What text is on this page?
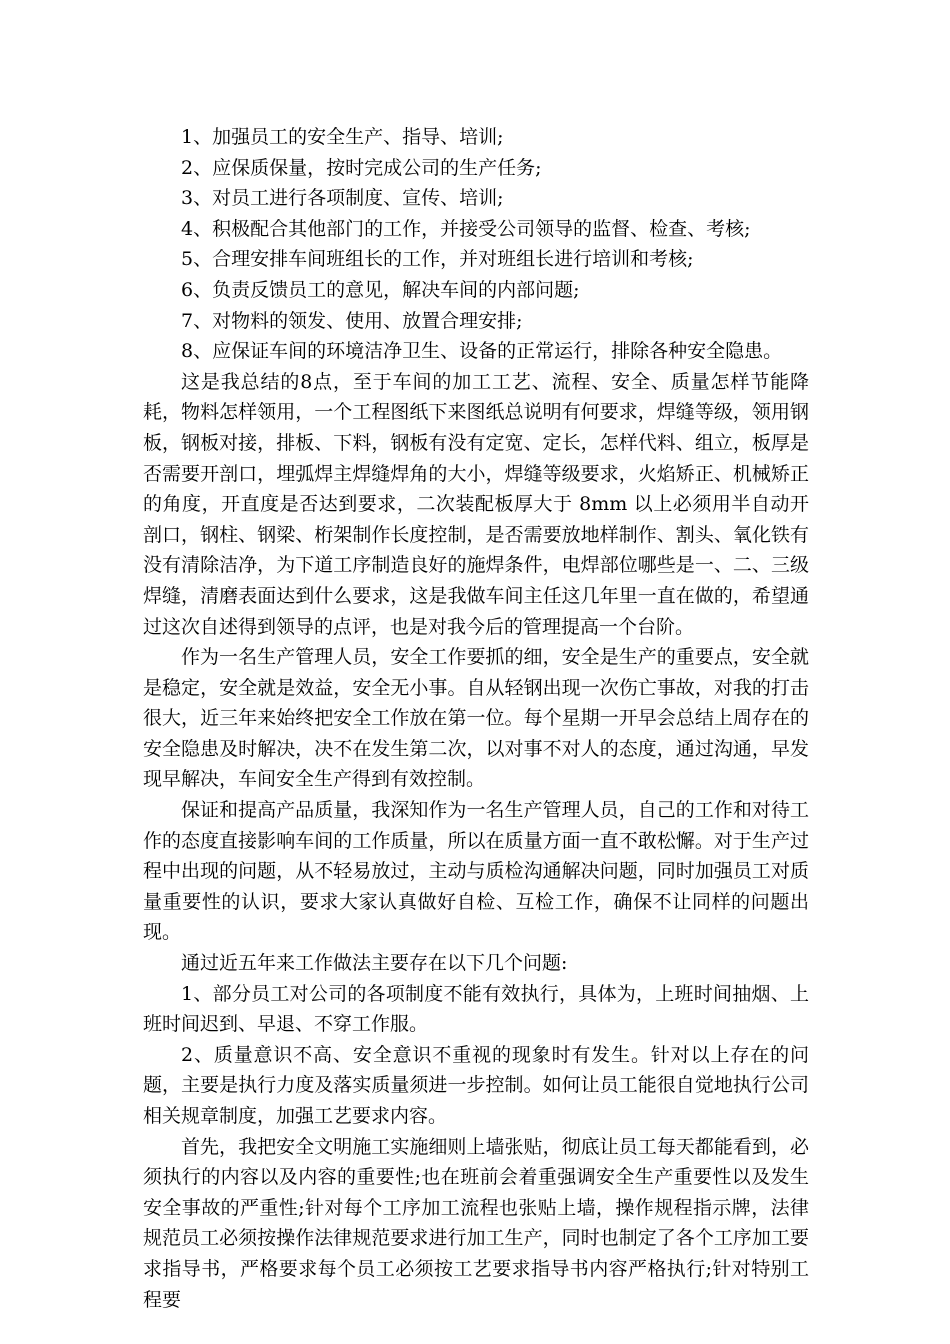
1、加强员工的安全生产、指导、培训;

2、应保质保量，按时完成公司的生产任务;

3、对员工进行各项制度、宣传、培训;

4、积极配合其他部门的工作，并接受公司领导的监督、检查、考核;

5、合理安排车间班组长的工作，并对班组长进行培训和考核;

6、负责反馈员工的意见，解决车间的内部问题;

7、对物料的领发、使用、放置合理安排;

8、应保证车间的环境洁净卫生、设备的正常运行，排除各种安全隐患。

这是我总结的8点，至于车间的加工工艺、流程、安全、质量怎样节能降耗，物料怎样领用，一个工程图纸下来图纸总说明有何要求，焊缝等级，领用钢板，钢板对接，排板、下料，钢板有没有定宽、定长，怎样代料、组立，板厚是否需要开剖口，埋弧焊主焊缝焊角的大小，焊缝等级要求，火焰矫正、机械矫正的角度，开直度是否达到要求，二次装配板厚大于 8mm 以上必须用半自动开剖口，钢柱、钢梁、桁架制作长度控制，是否需要放地样制作、割头、氧化铁有没有清除洁净，为下道工序制造良好的施焊条件，电焊部位哪些是一、二、三级焊缝，清磨表面达到什么要求，这是我做车间主任这几年里一直在做的，希望通过这次自述得到领导的点评，也是对我今后的管理提高一个台阶。

作为一名生产管理人员，安全工作要抓的细，安全是生产的重要点，安全就是稳定，安全就是效益，安全无小事。自从轻钢出现一次伤亡事故，对我的打击很大，近三年来始终把安全工作放在第一位。每个星期一开早会总结上周存在的安全隐患及时解决，决不在发生第二次，以对事不对人的态度，通过沟通，早发现早解决，车间安全生产得到有效控制。

保证和提高产品质量，我深知作为一名生产管理人员，自己的工作和对待工作的态度直接影响车间的工作质量，所以在质量方面一直不敢松懈。对于生产过程中出现的问题，从不轻易放过，主动与质检沟通解决问题，同时加强员工对质量重要性的认识，要求大家认真做好自检、互检工作，确保不让同样的问题出现。

通过近五年来工作做法主要存在以下几个问题:

1、部分员工对公司的各项制度不能有效执行，具体为，上班时间抽烟、上班时间迟到、早退、不穿工作服。

2、质量意识不高、安全意识不重视的现象时有发生。针对以上存在的问题，主要是执行力度及落实质量须进一步控制。如何让员工能很自觉地执行公司相关规章制度，加强工艺要求内容。

首先，我把安全文明施工实施细则上墙张贴，彻底让员工每天都能看到，必须执行的内容以及内容的重要性;也在班前会着重强调安全生产重要性以及发生安全事故的严重性;针对每个工序加工流程也张贴上墙，操作规程指示牌，法律规范员工必须按操作法律规范要求进行加工生产，同时也制定了各个工序加工要求指导书，严格要求每个员工必须按工艺要求指导书内容严格执行;针对特别工程要
